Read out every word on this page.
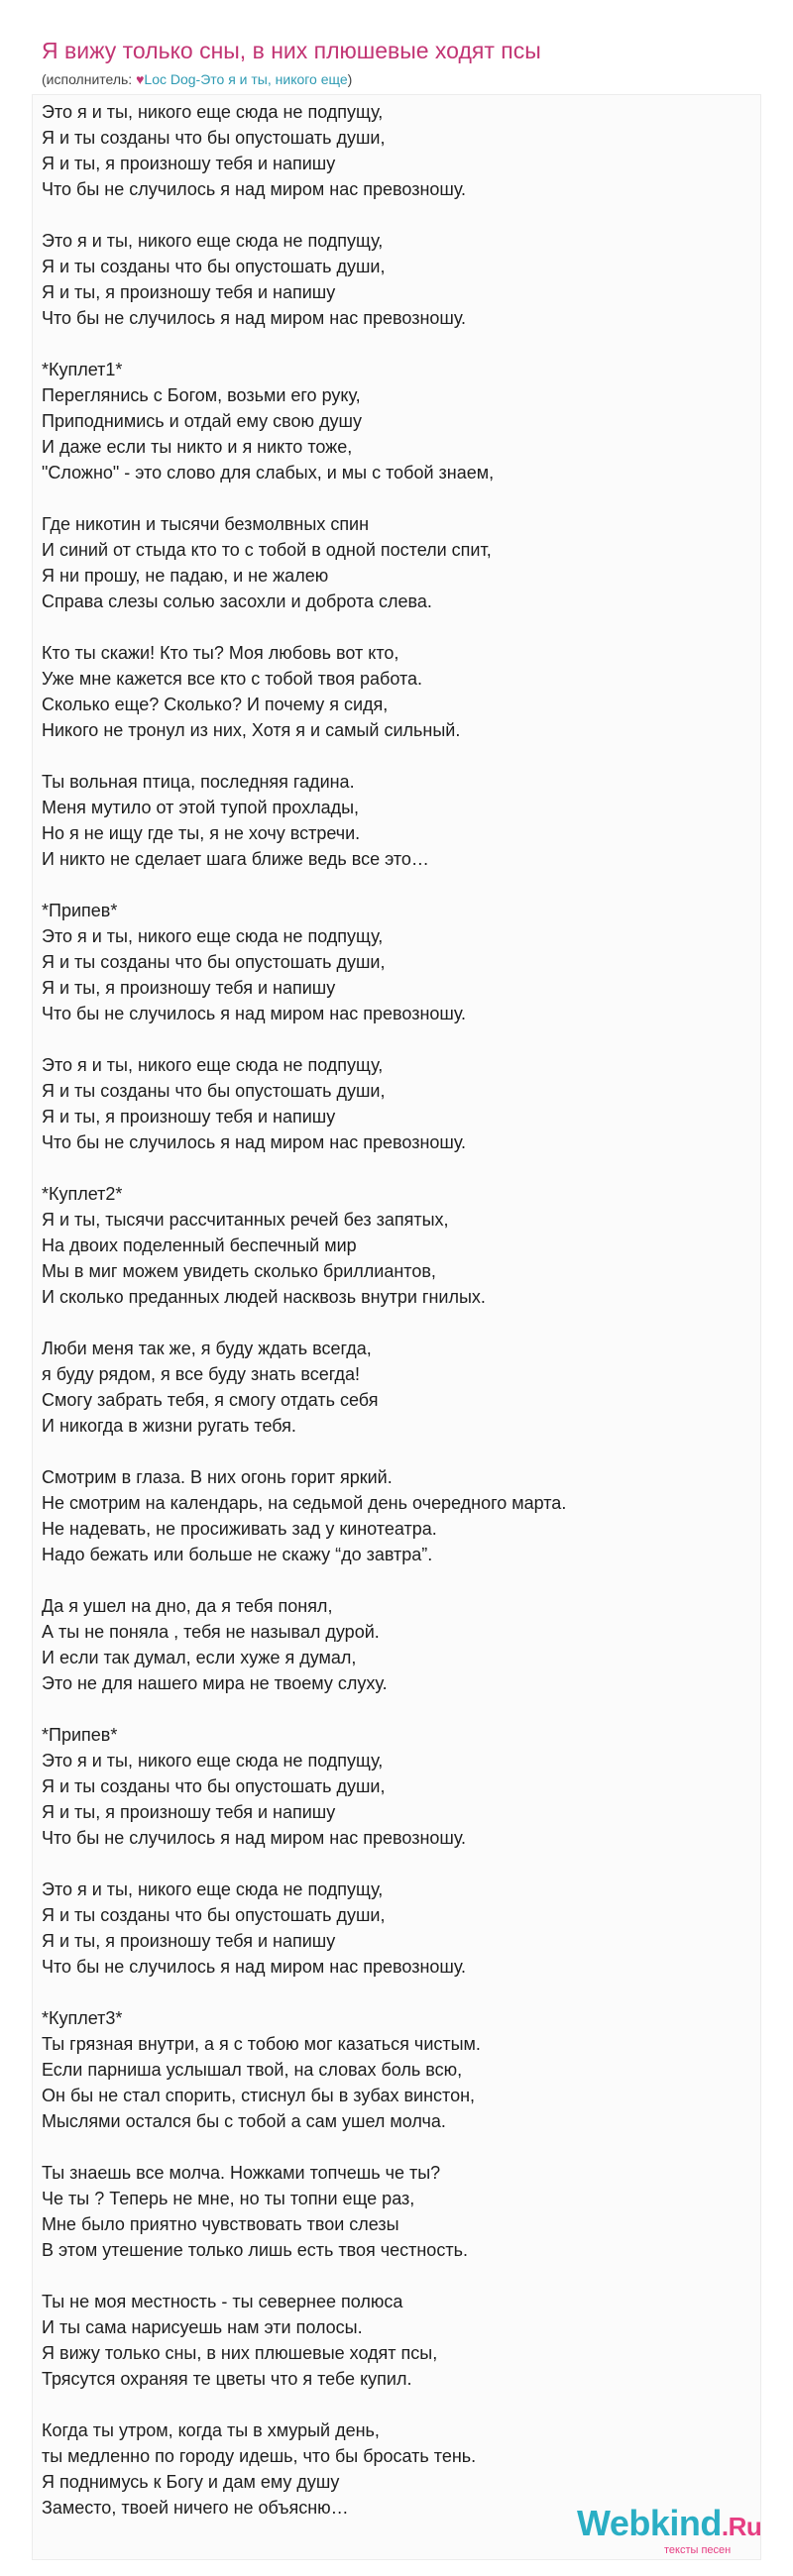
Я вижу только сны, в них плюшевые ходят псы
(исполнитель: ♥Loc Dog-Это я и ты, никого еще)
Это я и ты, никого еще сюда не подпущу,
Я и ты созданы что бы опустошать души,
Я и ты, я произношу тебя и напишу
Что бы не случилось я над миром нас превозношу.
Это я и ты, никого еще сюда не подпущу,
Я и ты созданы что бы опустошать души,
Я и ты, я произношу тебя и напишу
Что бы не случилось я над миром нас превозношу.
*Куплет1*
Переглянись с Богом, возьми его руку,
Приподнимись и отдай ему свою душу
И даже если ты никто и я никто тоже,
"Сложно" - это слово для слабых, и мы с тобой знаем,
Где никотин и тысячи безмолвных спин
И синий от стыда кто то с тобой в одной постели спит,
Я ни прошу, не падаю, и не жалею
Справа слезы солью засохли и доброта слева.
Кто ты скажи! Кто ты? Моя любовь вот кто,
Уже мне кажется все кто с тобой твоя работа.
Сколько еще? Сколько? И почему я сидя,
Никого не тронул из них, Хотя я и самый сильный.
Ты вольная птица, последняя гадина.
Меня мутило от этой тупой прохлады,
Но я не ищу где ты, я не хочу встречи.
И никто не сделает шага ближе ведь все это…
*Припев*
Это я и ты, никого еще сюда не подпущу,
Я и ты созданы что бы опустошать души,
Я и ты, я произношу тебя и напишу
Что бы не случилось я над миром нас превозношу.
Это я и ты, никого еще сюда не подпущу,
Я и ты созданы что бы опустошать души,
Я и ты, я произношу тебя и напишу
Что бы не случилось я над миром нас превозношу.
*Куплет2*
Я и ты, тысячи рассчитанных речей без запятых,
На двоих поделенный беспечный мир
Мы в миг можем увидеть сколько бриллиантов,
И сколько преданных людей насквозь внутри гнилых.
Люби меня так же, я буду ждать всегда,
я буду рядом, я все буду знать всегда!
Смогу забрать тебя, я смогу отдать себя
И никогда в жизни ругать тебя.
Смотрим в глаза. В них огонь горит яркий.
Не смотрим на календарь, на седьмой день очередного марта.
Не надевать, не просиживать зад у кинотеатра.
Надо бежать или больше не скажу “до завтра”.
Да я ушел на дно, да я тебя понял,
А ты не поняла , тебя не называл дурой.
И если так думал, если хуже я думал,
Это не для нашего мира не твоему слуху.
*Припев*
Это я и ты, никого еще сюда не подпущу,
Я и ты созданы что бы опустошать души,
Я и ты, я произношу тебя и напишу
Что бы не случилось я над миром нас превозношу.
Это я и ты, никого еще сюда не подпущу,
Я и ты созданы что бы опустошать души,
Я и ты, я произношу тебя и напишу
Что бы не случилось я над миром нас превозношу.
*Куплет3*
Ты грязная внутри, а я с тобою мог казаться чистым.
Если парниша услышал твой, на словах боль всю,
Он бы не стал спорить, стиснул бы в зубах винстон,
Мыслями остался бы с тобой а сам ушел молча.
Ты знаешь все молча. Ножками топчешь че ты?
Че ты ? Теперь не мне, но ты топни еще раз,
Мне было приятно чувствовать твои слезы
В этом утешение только лишь есть твоя честность.
Ты не моя местность - ты севернее полюса
И ты сама нарисуешь нам эти полосы.
Я вижу только сны, в них плюшевые ходят псы,
Трясутся охраняя те цветы что я тебе купил.
Когда ты утром, когда ты в хмурый день,
ты медленно по городу идешь, что бы бросать тень.
Я поднимусь к Богу и дам ему душу
Заместо, твоей ничего не объясню…	Webkind.Ru
тексты песен
